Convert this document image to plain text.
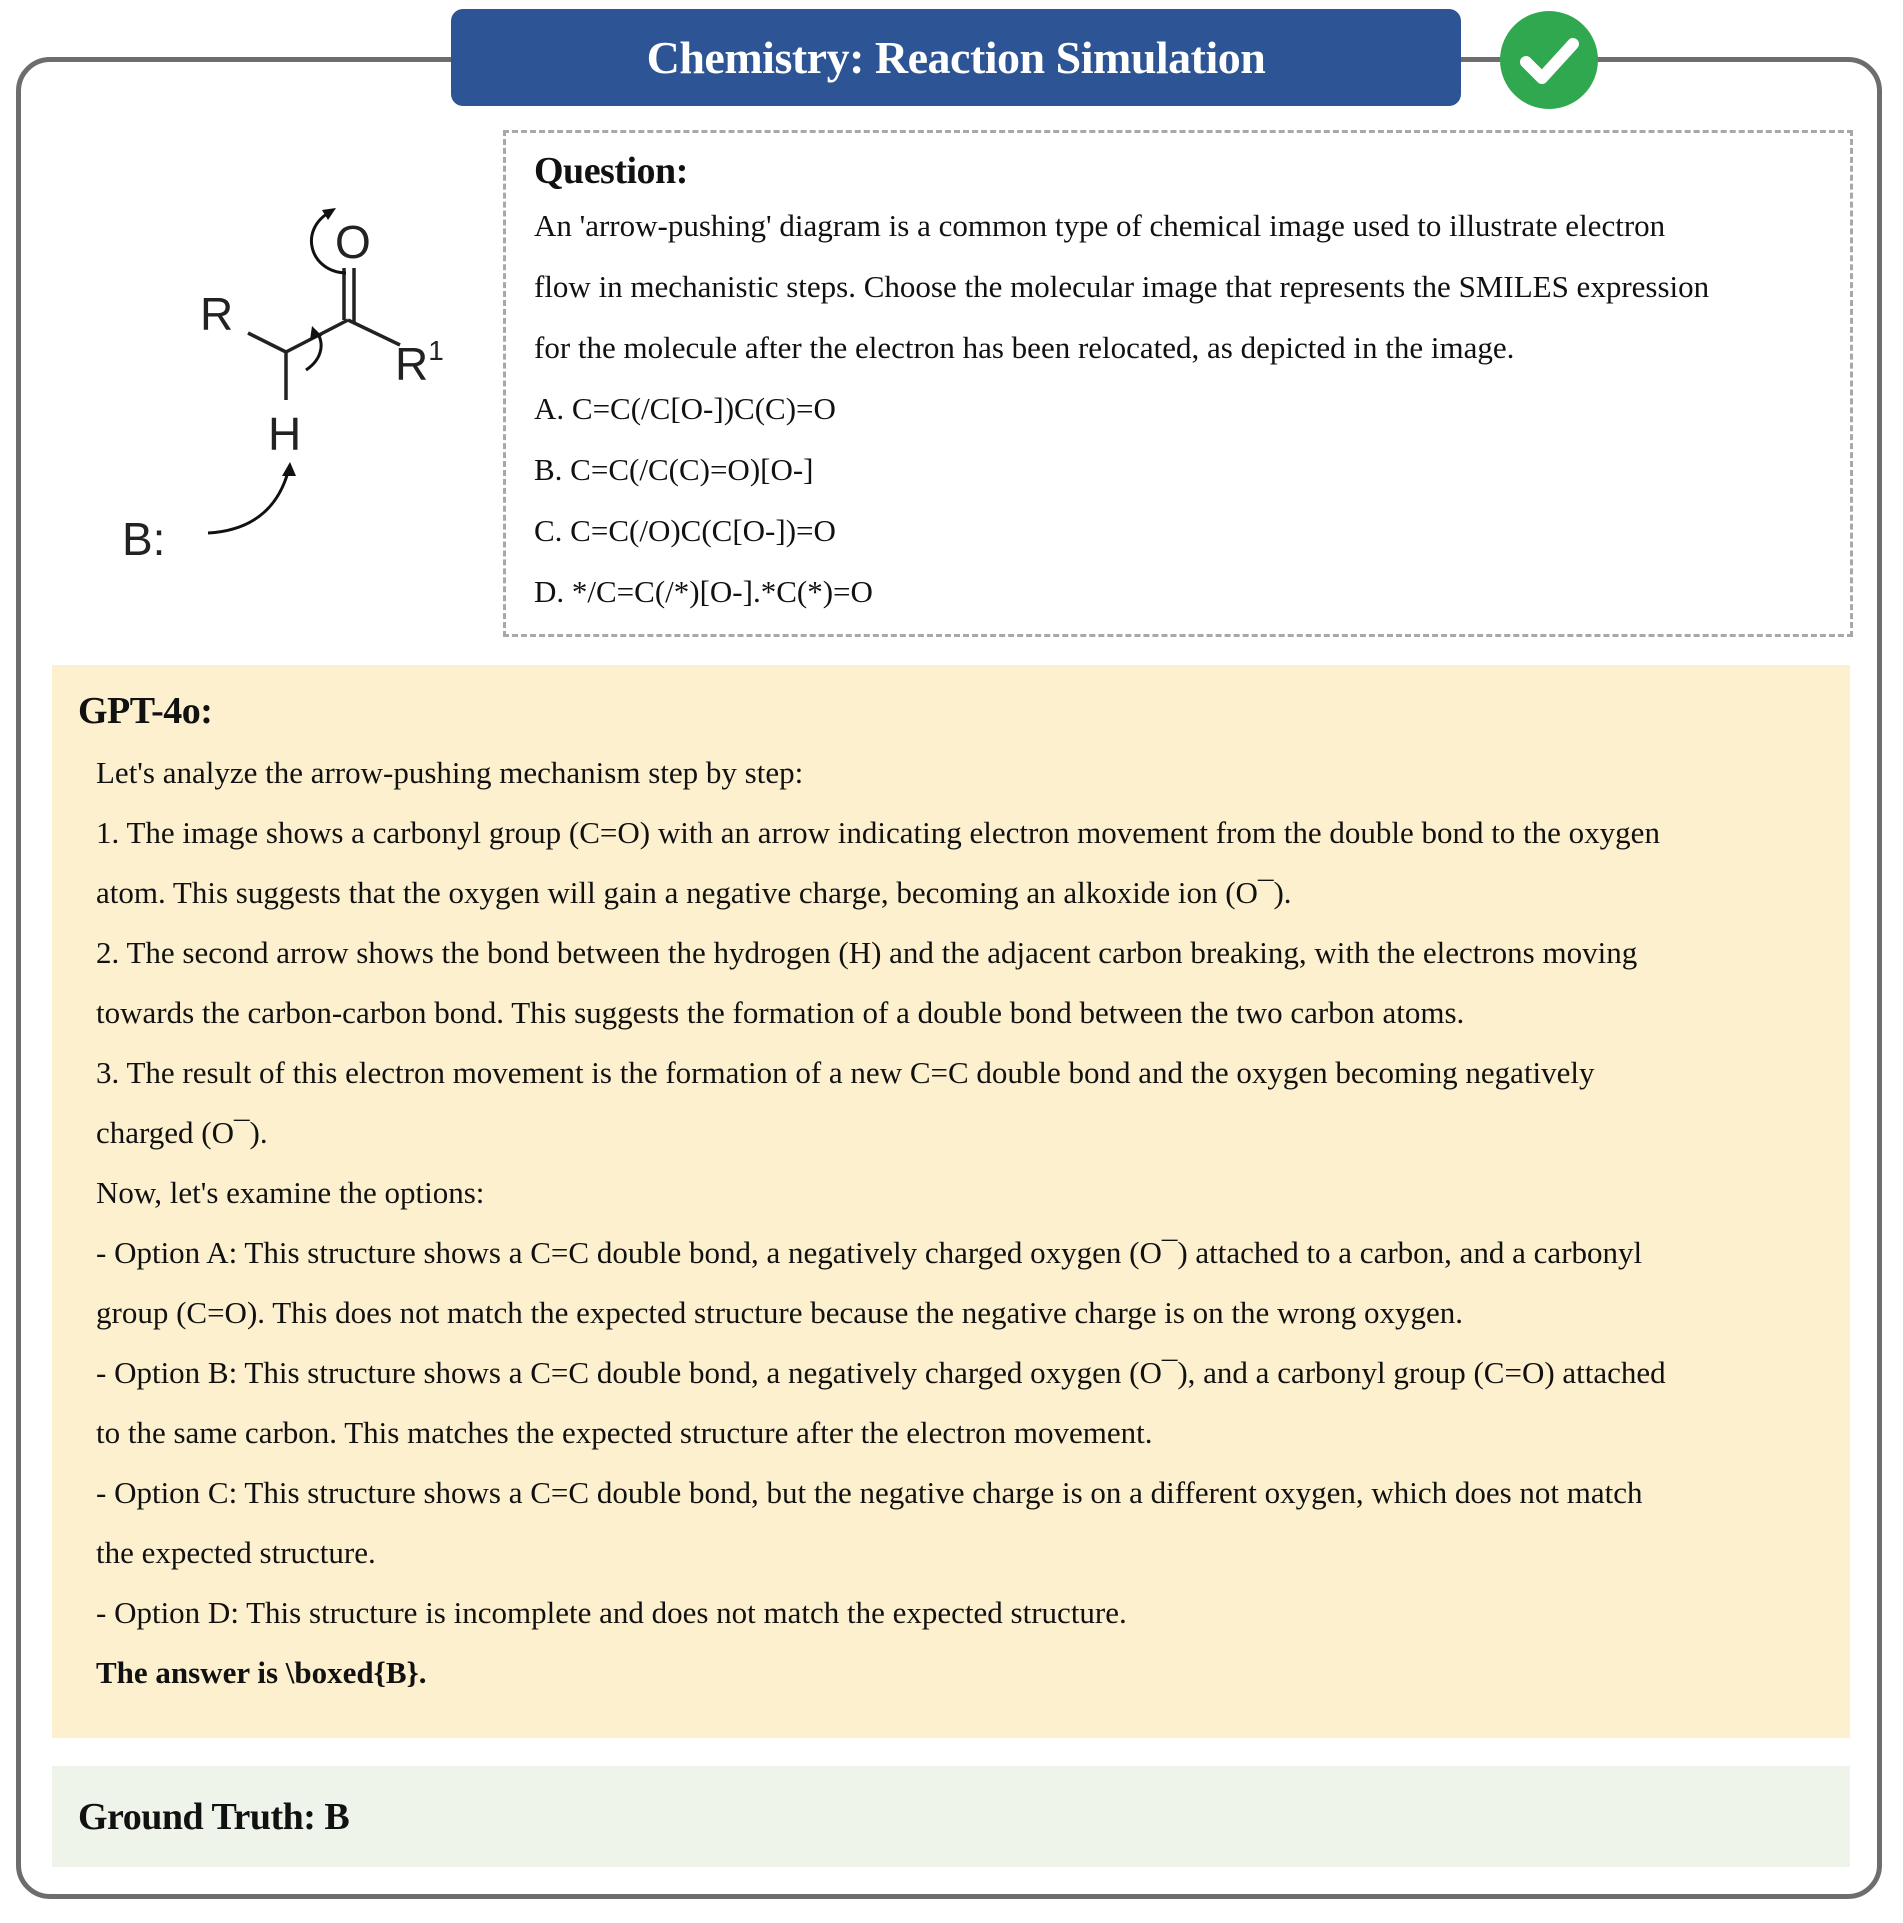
Chemistry: Reaction Simulation
O
R
$R^1$
H
B:
Question:
An 'arrow-pushing' diagram is a common type of chemical image used to illustrate electron
flow in mechanistic steps. Choose the molecular image that represents the SMILES expression
for the molecule after the electron has been relocated, as depicted in the image.
A. C=C(/C[O-])C(C)=O
B. C=C(/C(C)=O)[O-]
C. C=C(/O)C(C[O-])=O
D. */C=C(/*)[O-].*C(*)=O
GPT-4o:
Let's analyze the arrow-pushing mechanism step by step:
1. The image shows a carbonyl group (C=O) with an arrow indicating electron movement from the double bond to the oxygen
atom. This suggests that the oxygen will gain a negative charge, becoming an alkoxide ion (O¯).
2. The second arrow shows the bond between the hydrogen (H) and the adjacent carbon breaking, with the electrons moving
towards the carbon-carbon bond. This suggests the formation of a double bond between the two carbon atoms.
3. The result of this electron movement is the formation of a new C=C double bond and the oxygen becoming negatively
charged (O¯).
Now, let's examine the options:
- Option A: This structure shows a C=C double bond, a negatively charged oxygen (O¯) attached to a carbon, and a carbonyl
group (C=O). This does not match the expected structure because the negative charge is on the wrong oxygen.
- Option B: This structure shows a C=C double bond, a negatively charged oxygen (O¯), and a carbonyl group (C=O) attached
to the same carbon. This matches the expected structure after the electron movement.
- Option C: This structure shows a C=C double bond, but the negative charge is on a different oxygen, which does not match
the expected structure.
- Option D: This structure is incomplete and does not match the expected structure.
The answer is \boxed{B}.
Ground Truth: B
